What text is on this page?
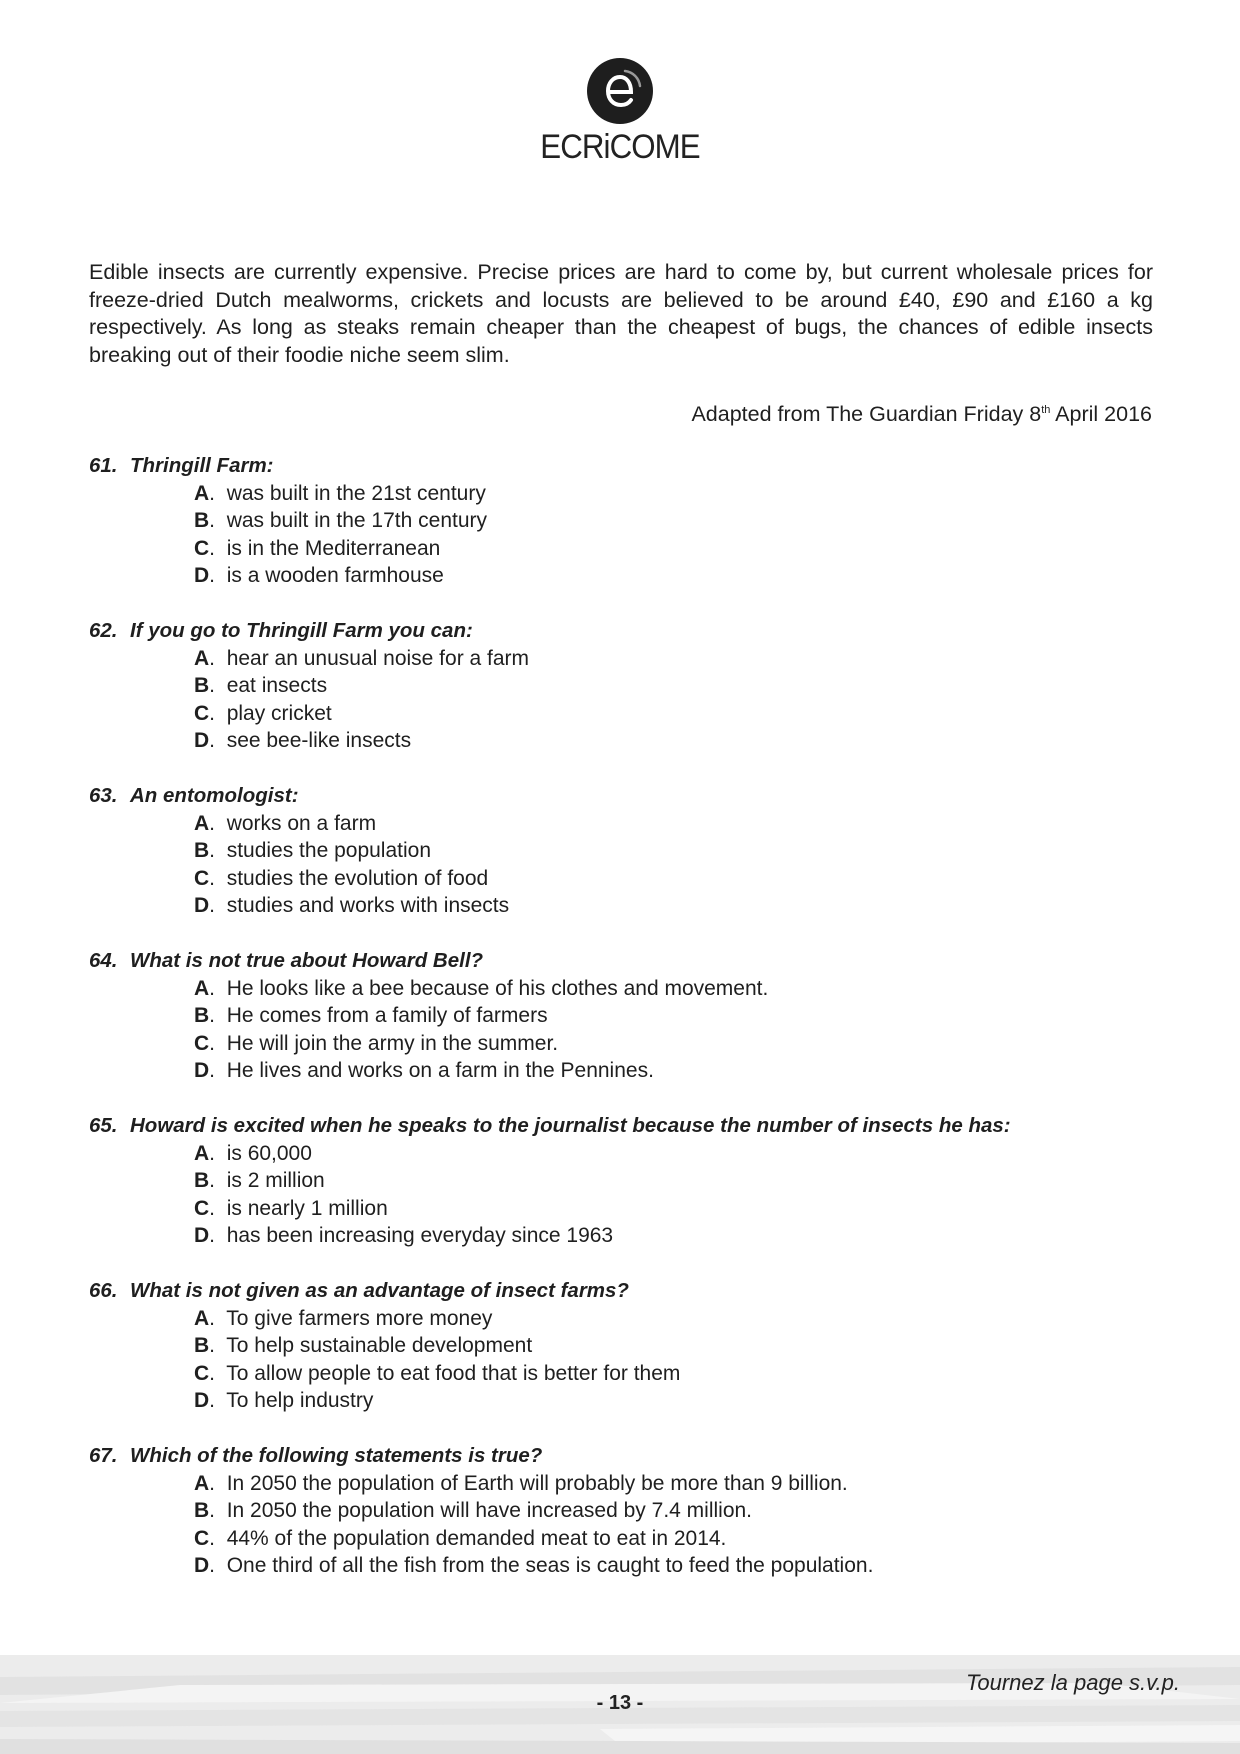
ECRiCOME

Edible insects are currently expensive. Precise prices are hard to come by, but current wholesale prices for freeze-dried Dutch mealworms, crickets and locusts are believed to be around £40, £90 and £160 a kg respectively. As long as steaks remain cheaper than the cheapest of bugs, the chances of edible insects breaking out of their foodie niche seem slim.

Adapted from The Guardian Friday 8th April 2016
61. Thringill Farm:
A.  was built in the 21st century
B.  was built in the 17th century
C.  is in the Mediterranean
D.  is a wooden farmhouse
62. If you go to Thringill Farm you can:
A.  hear an unusual noise for a farm
B.  eat insects
C.  play cricket
D.  see bee-like insects
63. An entomologist:
A.  works on a farm
B.  studies the population
C.  studies the evolution of food
D.  studies and works with insects
64. What is not true about Howard Bell?
A.  He looks like a bee because of his clothes and movement.
B.  He comes from a family of farmers
C.  He will join the army in the summer.
D.  He lives and works on a farm in the Pennines.
65. Howard is excited when he speaks to the journalist because the number of insects he has:
A.  is 60,000
B.  is 2 million
C.  is nearly 1 million
D.  has been increasing everyday since 1963
66. What is not given as an advantage of insect farms?
A.  To give farmers more money
B.  To help sustainable development
C.  To allow people to eat food that is better for them
D.  To help industry
67. Which of the following statements is true?
A.  In 2050 the population of Earth will probably be more than 9 billion.
B.  In 2050 the population will have increased by 7.4 million.
C.  44% of the population demanded meat to eat in 2014.
D.  One third of all the fish from the seas is caught to feed the population.
Tournez la page s.v.p.
- 13 -
